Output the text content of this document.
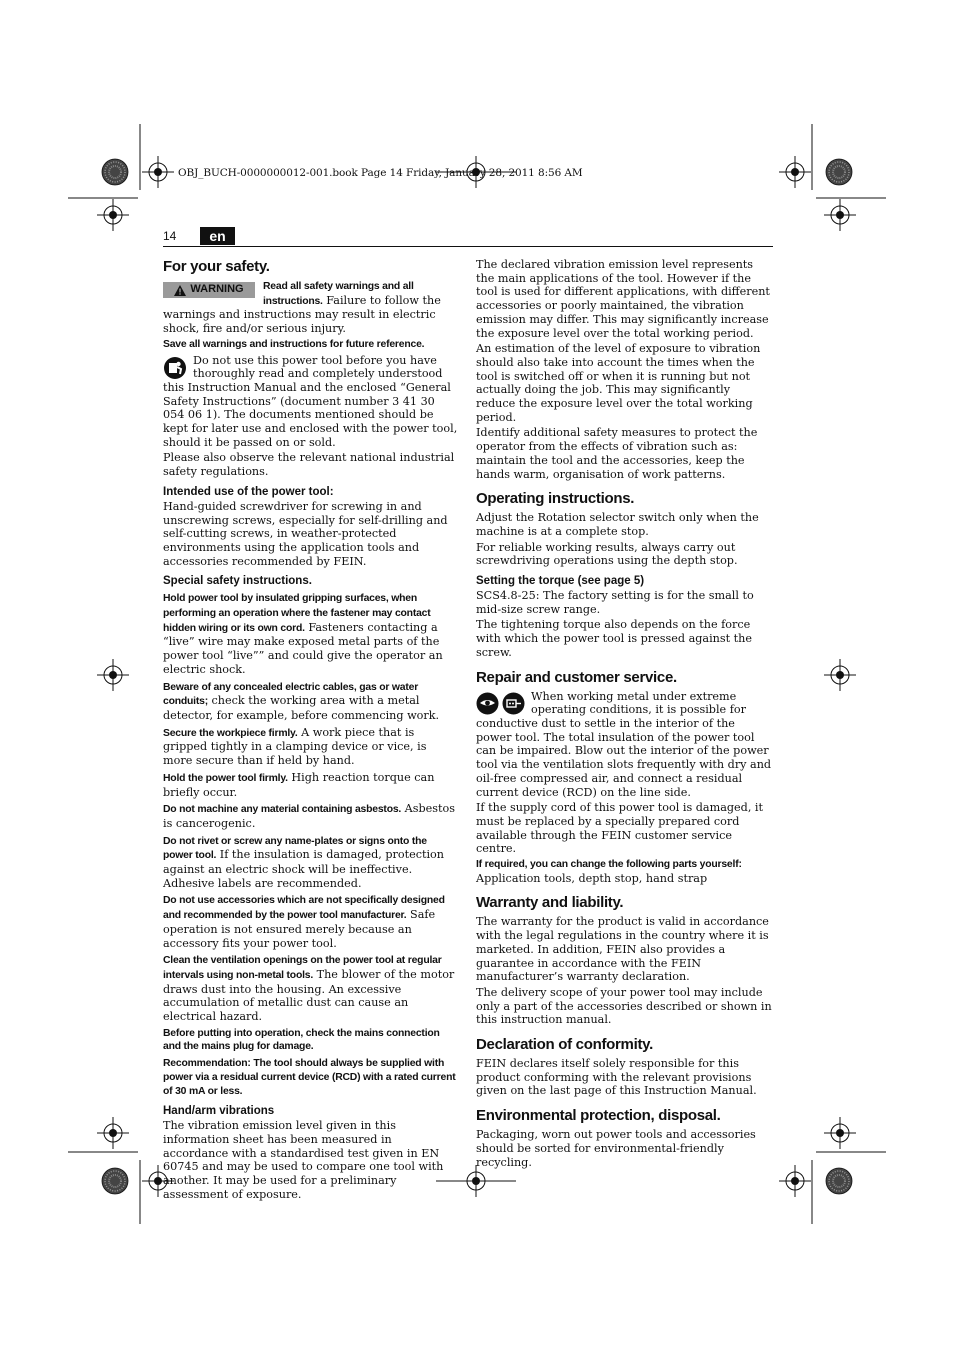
OBJ_BUCH-0000000012-001.book Page 14 Friday, January 28, 2011 8:56 AM
14	en
For your safety.

WARNING Read all safety warnings and all instructions. Failure to follow the warnings and instructions may result in electric shock, fire and/or serious injury.

Save all warnings and instructions for future reference.

Do not use this power tool before you have thoroughly read and completely understood this Instruction Manual and the enclosed “General Safety Instructions” (document number 3 41 30 054 06 1). The documents mentioned should be kept for later use and enclosed with the power tool, should it be passed on or sold.

Please also observe the relevant national industrial safety regulations.

Intended use of the power tool:

Hand-guided screwdriver for screwing in and unscrewing screws, especially for self-drilling and self-cutting screws, in weather-protected environments using the application tools and accessories recommended by FEIN.

Special safety instructions.

Hold power tool by insulated gripping surfaces, when performing an operation where the fastener may contact hidden wiring or its own cord. Fasteners contacting a “live” wire may make exposed metal parts of the power tool “live”” and could give the operator an electric shock.

Beware of any concealed electric cables, gas or water conduits; check the working area with a metal detector, for example, before commencing work.

Secure the workpiece firmly. A work piece that is gripped tightly in a clamping device or vice, is more secure than if held by hand.

Hold the power tool firmly. High reaction torque can briefly occur.

Do not machine any material containing asbestos. Asbestos is cancerogenic.

Do not rivet or screw any name-plates or signs onto the power tool. If the insulation is damaged, protection against an electric shock will be ineffective. Adhesive labels are recommended.

Do not use accessories which are not specifically designed and recommended by the power tool manufacturer. Safe operation is not ensured merely because an accessory fits your power tool.

Clean the ventilation openings on the power tool at regular intervals using non-metal tools. The blower of the motor draws dust into the housing. An excessive accumulation of metallic dust can cause an electrical hazard.

Before putting into operation, check the mains connection and the mains plug for damage.

Recommendation: The tool should always be supplied with power via a residual current device (RCD) with a rated current of 30 mA or less.

Hand/arm vibrations

The vibration emission level given in this information sheet has been measured in accordance with a standardised test given in EN 60745 and may be used to compare one tool with another. It may be used for a preliminary assessment of exposure.

The declared vibration emission level represents the main applications of the tool. However if the tool is used for different applications, with different accessories or poorly maintained, the vibration emission may differ. This may significantly increase the exposure level over the total working period.

An estimation of the level of exposure to vibration should also take into account the times when the tool is switched off or when it is running but not actually doing the job. This may significantly reduce the exposure level over the total working period.

Identify additional safety measures to protect the operator from the effects of vibration such as: maintain the tool and the accessories, keep the hands warm, organisation of work patterns.

Operating instructions.

Adjust the Rotation selector switch only when the machine is at a complete stop.

For reliable working results, always carry out screwdriving operations using the depth stop.

Setting the torque (see page 5)

SCS4.8-25: The factory setting is for the small to mid-size screw range.

The tightening torque also depends on the force with which the power tool is pressed against the screw.

Repair and customer service.

When working metal under extreme operating conditions, it is possible for conductive dust to settle in the interior of the power tool. The total insulation of the power tool can be impaired. Blow out the interior of the power tool via the ventilation slots frequently with dry and oil-free compressed air, and connect a residual current device (RCD) on the line side.

If the supply cord of this power tool is damaged, it must be replaced by a specially prepared cord available through the FEIN customer service centre.

If required, you can change the following parts yourself:

Application tools, depth stop, hand strap

Warranty and liability.

The warranty for the product is valid in accordance with the legal regulations in the country where it is marketed. In addition, FEIN also provides a guarantee in accordance with the FEIN manufacturer’s warranty declaration.

The delivery scope of your power tool may include only a part of the accessories described or shown in this instruction manual.

Declaration of conformity.

FEIN declares itself solely responsible for this product conforming with the relevant provisions given on the last page of this Instruction Manual.

Environmental protection, disposal.

Packaging, worn out power tools and accessories should be sorted for environmental-friendly recycling.
